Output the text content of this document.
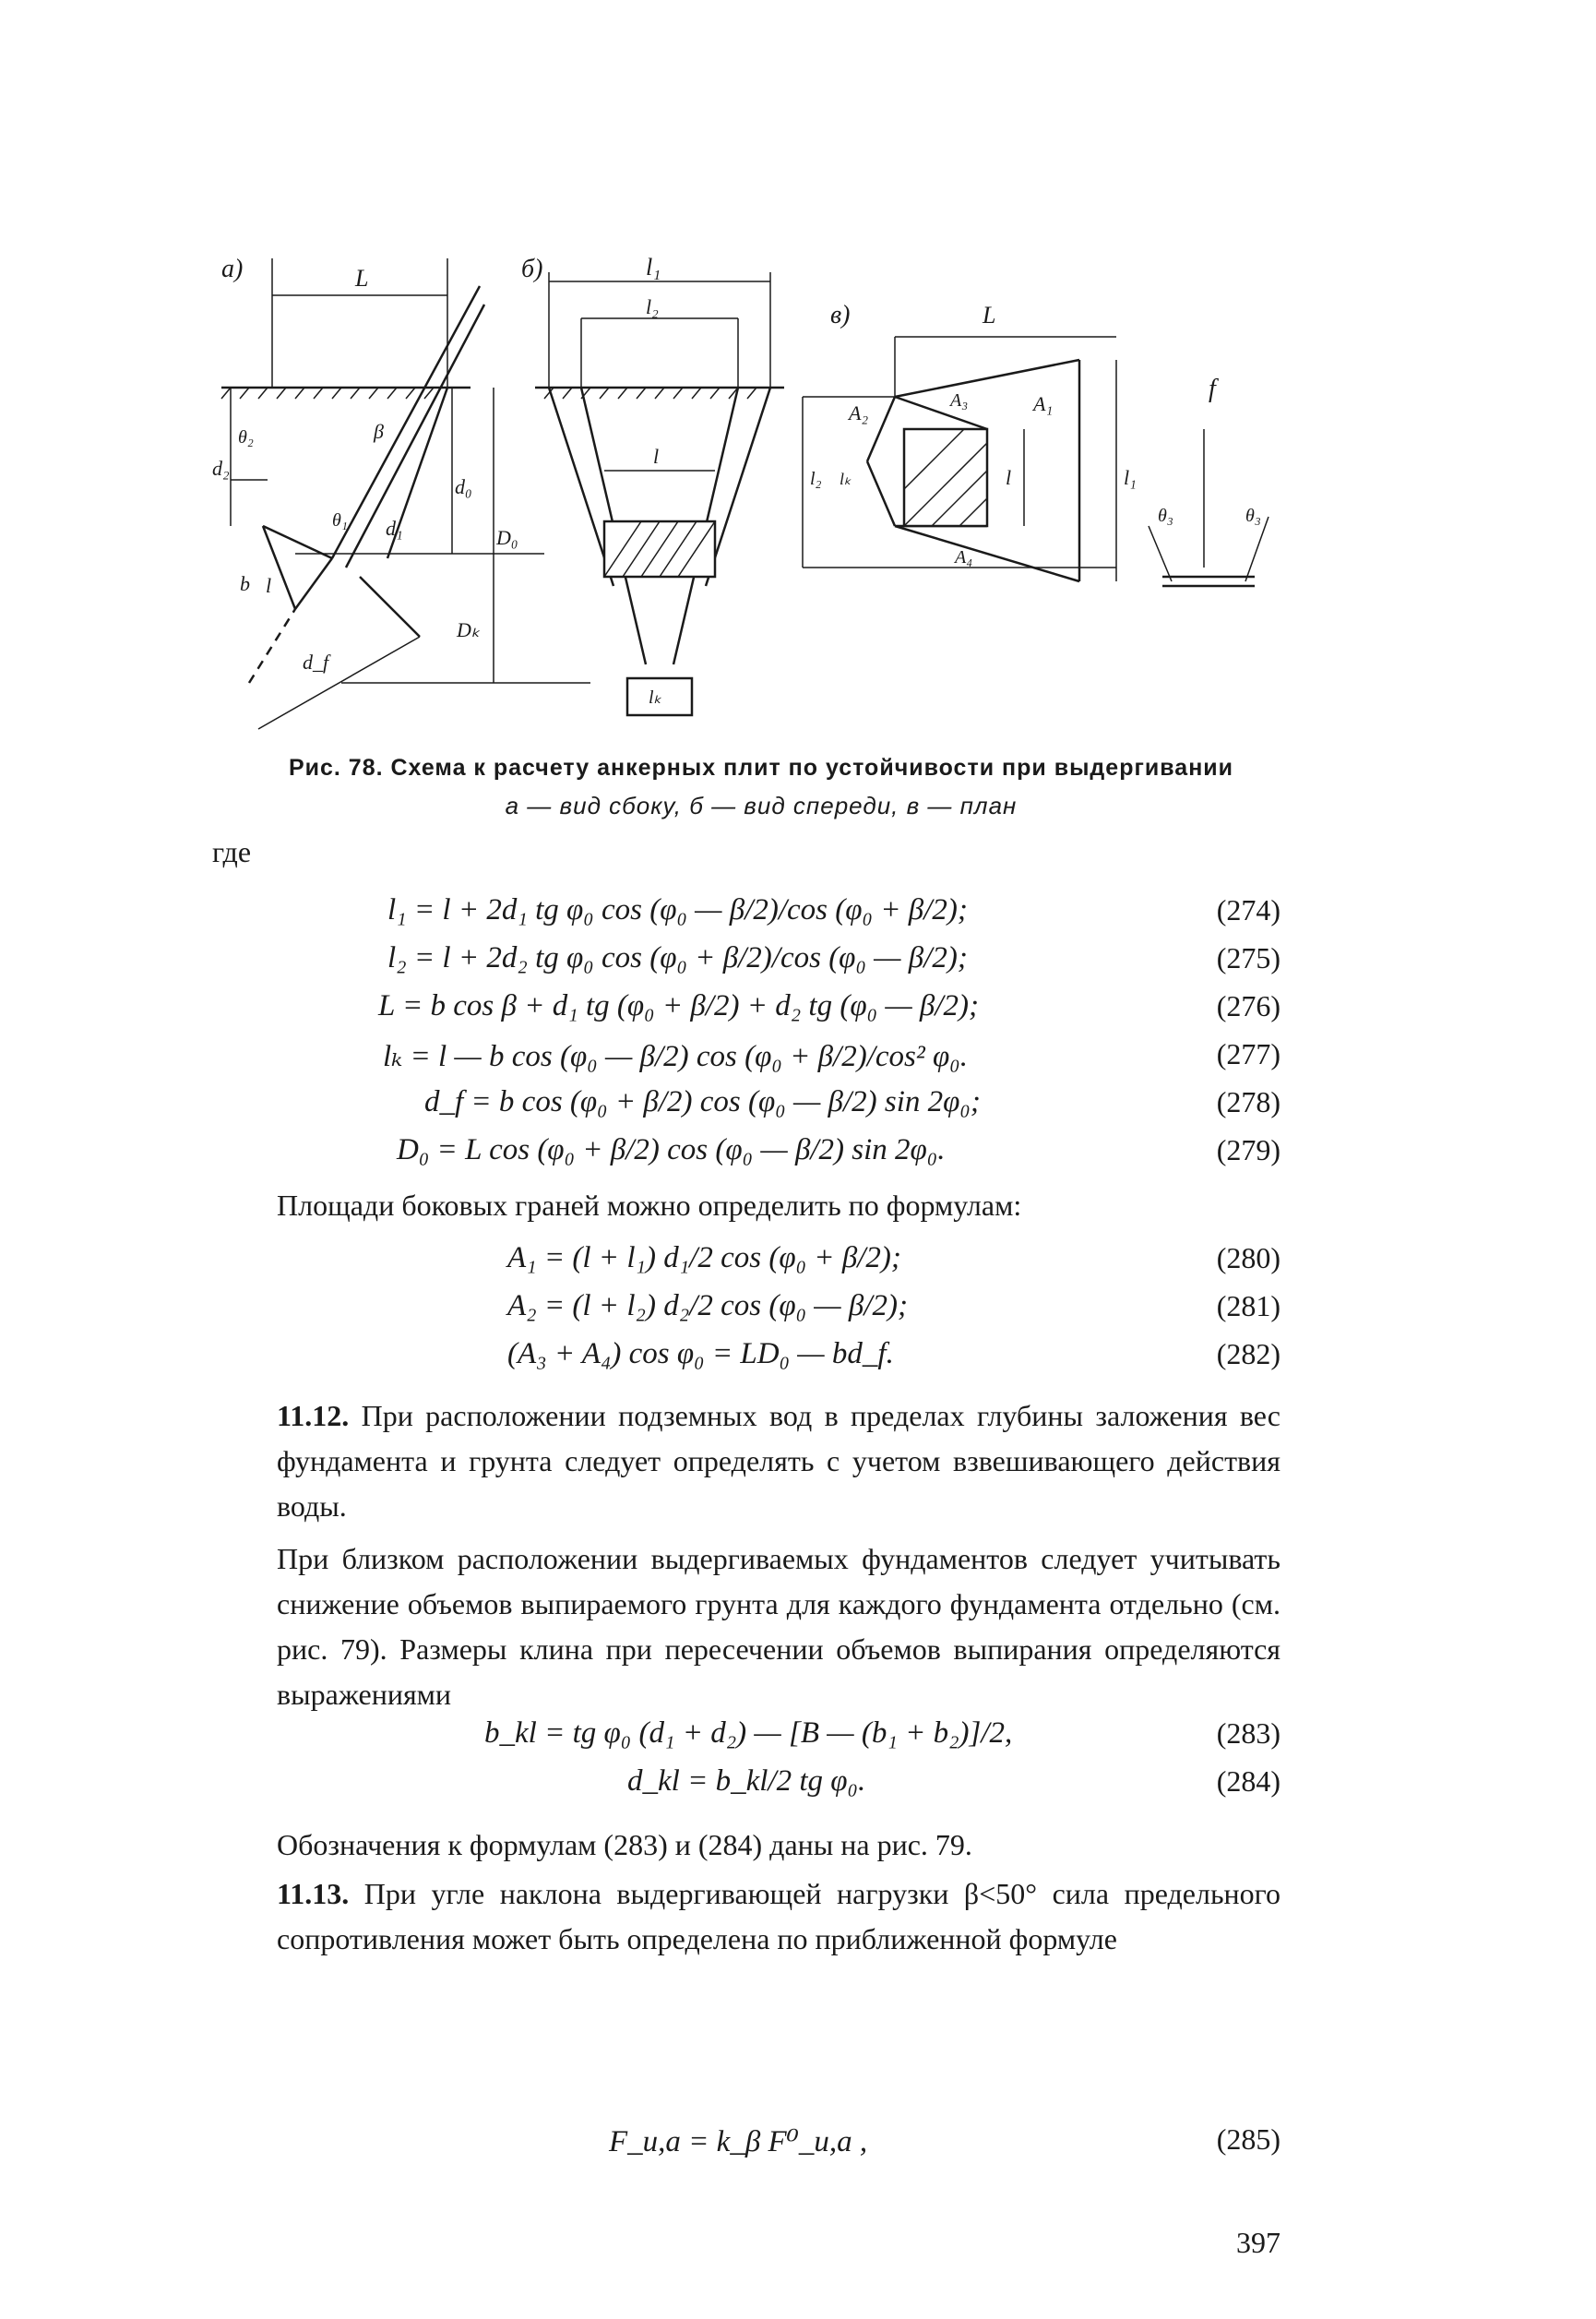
а)	L
d₂
θ₂	β
θ₁ d₁
d₀
D₀
Dₖ
b l
d_f
б)	l₁
l₂
l
lₖ
в)	L
A₁
A₂
A₃
A₄
l	l₁
l₂ lₖ
f
θ₃	θ₃
Рис. 78. Схема к расчету анкерных плит по устойчивости при выдергивании
а — вид сбоку, б — вид спереди, в — план
где
l₁ = l + 2d₁ tg φ₀ cos (φ₀ — β/2)/cos (φ₀ + β/2);	(274)
l₂ = l + 2d₂ tg φ₀ cos (φ₀ + β/2)/cos (φ₀ — β/2);	(275)
L = b cos β + d₁ tg (φ₀ + β/2) + d₂ tg (φ₀ — β/2);	(276)
lₖ = l — b cos (φ₀ — β/2) cos (φ₀ + β/2)/cos² φ₀.	(277)
d_f = b cos (φ₀ + β/2) cos (φ₀ — β/2) sin 2φ₀;	(278)
D₀ = L cos (φ₀ + β/2) cos (φ₀ — β/2) sin 2φ₀.	(279)
Площади боковых граней можно определить по формулам:
A₁ = (l + l₁) d₁/2 cos (φ₀ + β/2);	(280)
A₂ = (l + l₂) d₂/2 cos (φ₀ — β/2);	(281)
(A₃ + A₄) cos φ₀ = LD₀ — bd_f.	(282)
11.12. При расположении подземных вод в пределах глубины заложения вес фундамента и грунта следует определять с учетом взвешивающего действия воды.
При близком расположении выдергиваемых фундаментов следует учитывать снижение объемов выпираемого грунта для каждого фундамента отдельно (см. рис. 79). Размеры клина при пересечении объемов выпирания определяются выражениями
b_kl = tg φ₀ (d₁ + d₂) — [B — (b₁ + b₂)]/2,	(283)
d_kl = b_kl/2 tg φ₀.	(284)
Обозначения к формулам (283) и (284) даны на рис. 79.
11.13. При угле наклона выдергивающей нагрузки β<50° сила предельного сопротивления может быть определена по приближенной формуле
F_u,a = k_β F⁰_u,a ,	(285)
397
